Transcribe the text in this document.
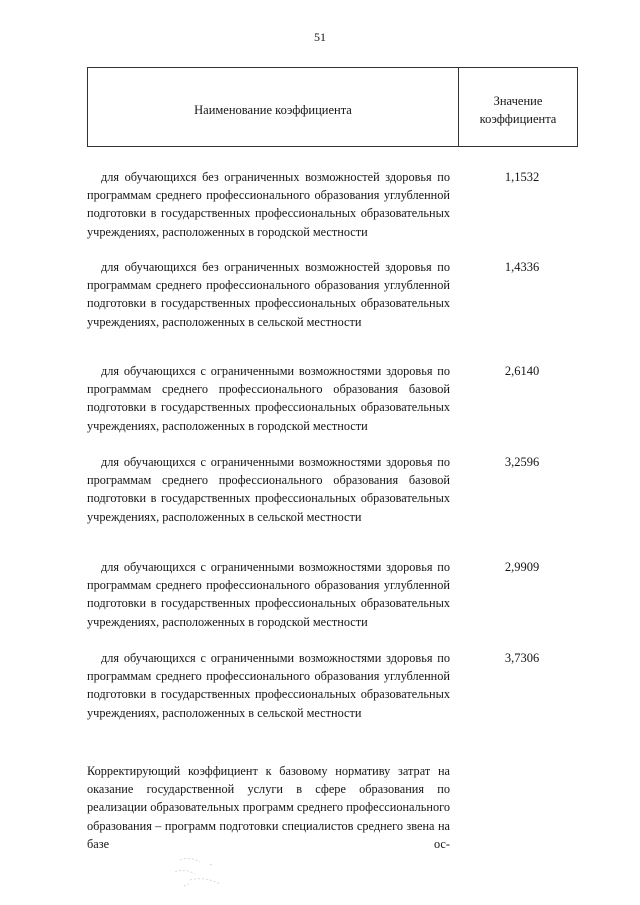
51
Наименование коэффициента
Значение
коэффициента
для обучающихся без ограниченных возможностей здоровья по программам среднего профессионального образования углубленной подготовки в государственных профессиональных образовательных учреждениях, расположенных в городской местности
1,1532
для обучающихся без ограниченных возможностей здоровья по программам среднего профессионального образования углубленной подготовки в государственных профессиональных образовательных учреждениях, расположенных в сельской местности
1,4336
для обучающихся с ограниченными возможностями здоровья по программам среднего профессионального образования базовой подготовки в государственных профессиональных образовательных учреждениях, расположенных в городской местности
2,6140
для обучающихся с ограниченными возможностями здоровья по программам среднего профессионального образования базовой подготовки в государственных профессиональных образовательных учреждениях, расположенных в сельской местности
3,2596
для обучающихся с ограниченными возможностями здоровья по программам среднего профессионального образования углубленной подготовки в государственных профессиональных образовательных учреждениях, расположенных в городской местности
2,9909
для обучающихся с ограниченными возможностями здоровья по программам среднего профессионального образования углубленной подготовки в государственных профессиональных образовательных учреждениях, расположенных в сельской местности
3,7306
Корректирующий коэффициент к базовому нормативу затрат на оказание государственной услуги в сфере образования по реализации образовательных программ среднего профессионального образования – программ подготовки специалистов среднего звена на базе ос-
